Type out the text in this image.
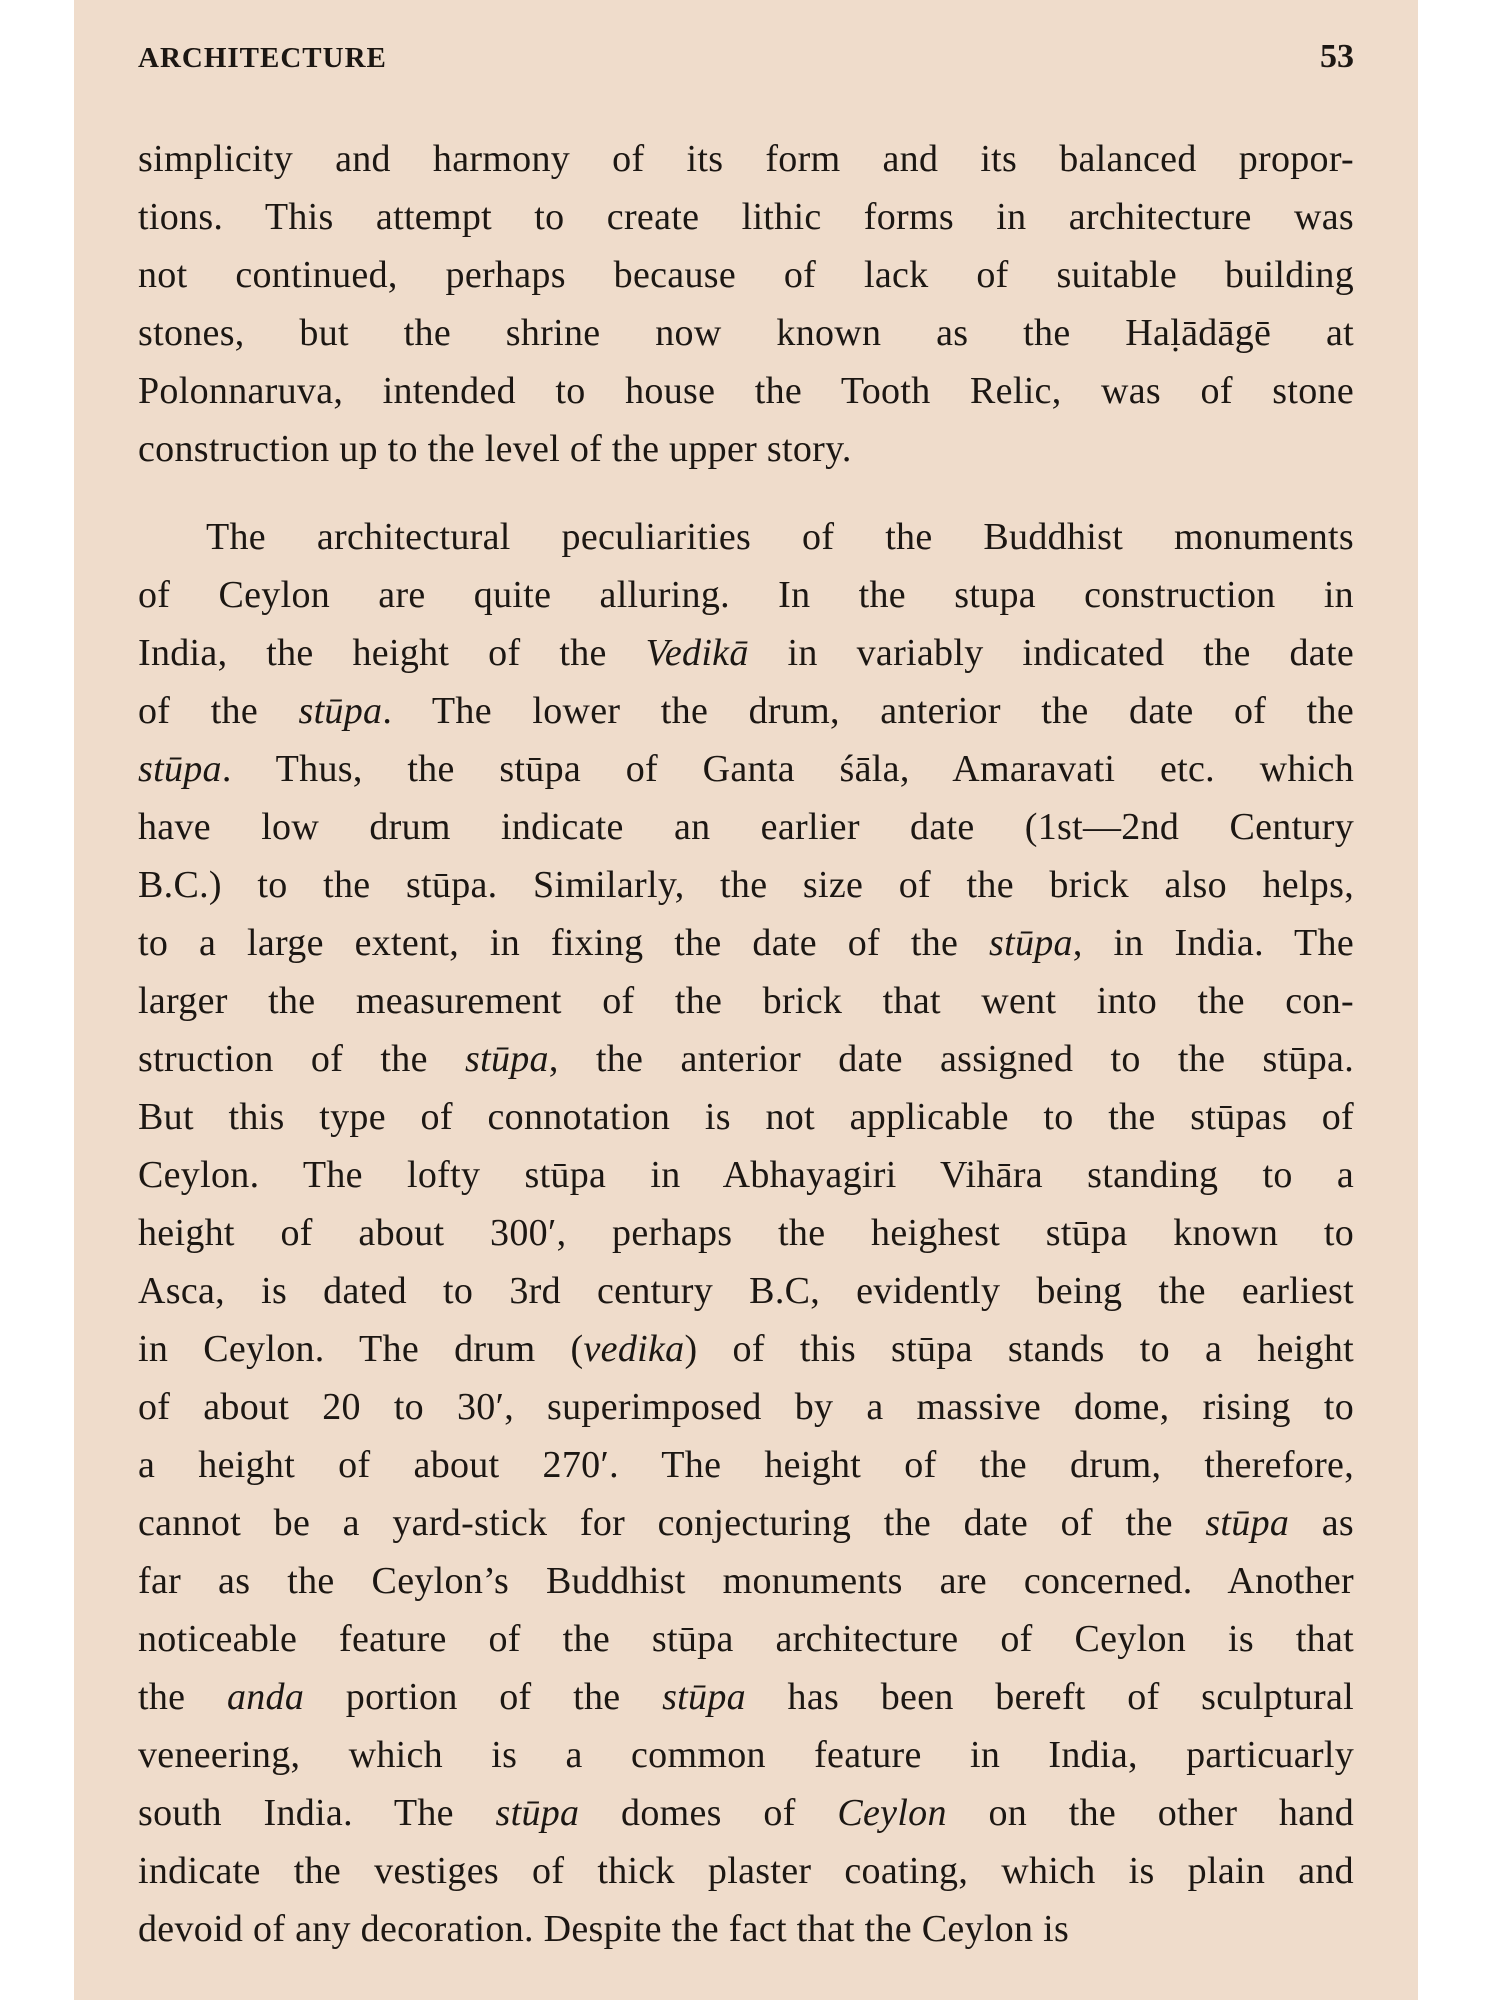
ARCHITECTURE	53
simplicity and harmony of its form and its balanced propor-
tions. This attempt to create lithic forms in architecture was
not continued, perhaps because of lack of suitable building
stones, but the shrine now known as the Haḷādāgē at
Polonnaruva, intended to house the Tooth Relic, was of stone
construction up to the level of the upper story.
The architectural peculiarities of the Buddhist monuments
of Ceylon are quite alluring. In the stupa construction in
India, the height of the Vedikā in variably indicated the date
of the stūpa. The lower the drum, anterior the date of the
stūpa. Thus, the stūpa of Ganta śāla, Amaravati etc. which
have low drum indicate an earlier date (1st—2nd Century
B.C.) to the stūpa. Similarly, the size of the brick also helps,
to a large extent, in fixing the date of the stūpa, in India. The
larger the measurement of the brick that went into the con-
struction of the stūpa, the anterior date assigned to the stūpa.
But this type of connotation is not applicable to the stūpas of
Ceylon. The lofty stūpa in Abhayagiri Vihāra standing to a
height of about 300′, perhaps the heighest stūpa known to
Asca, is dated to 3rd century B.C, evidently being the earliest
in Ceylon. The drum (vedika) of this stūpa stands to a height
of about 20 to 30′, superimposed by a massive dome, rising to
a height of about 270′. The height of the drum, therefore,
cannot be a yard-stick for conjecturing the date of the stūpa as
far as the Ceylon’s Buddhist monuments are concerned. Another
noticeable feature of the stūpa architecture of Ceylon is that
the anda portion of the stūpa has been bereft of sculptural
veneering, which is a common feature in India, particuarly
south India. The stūpa domes of Ceylon on the other hand
indicate the vestiges of thick plaster coating, which is plain and
devoid of any decoration. Despite the fact that the Ceylon is
